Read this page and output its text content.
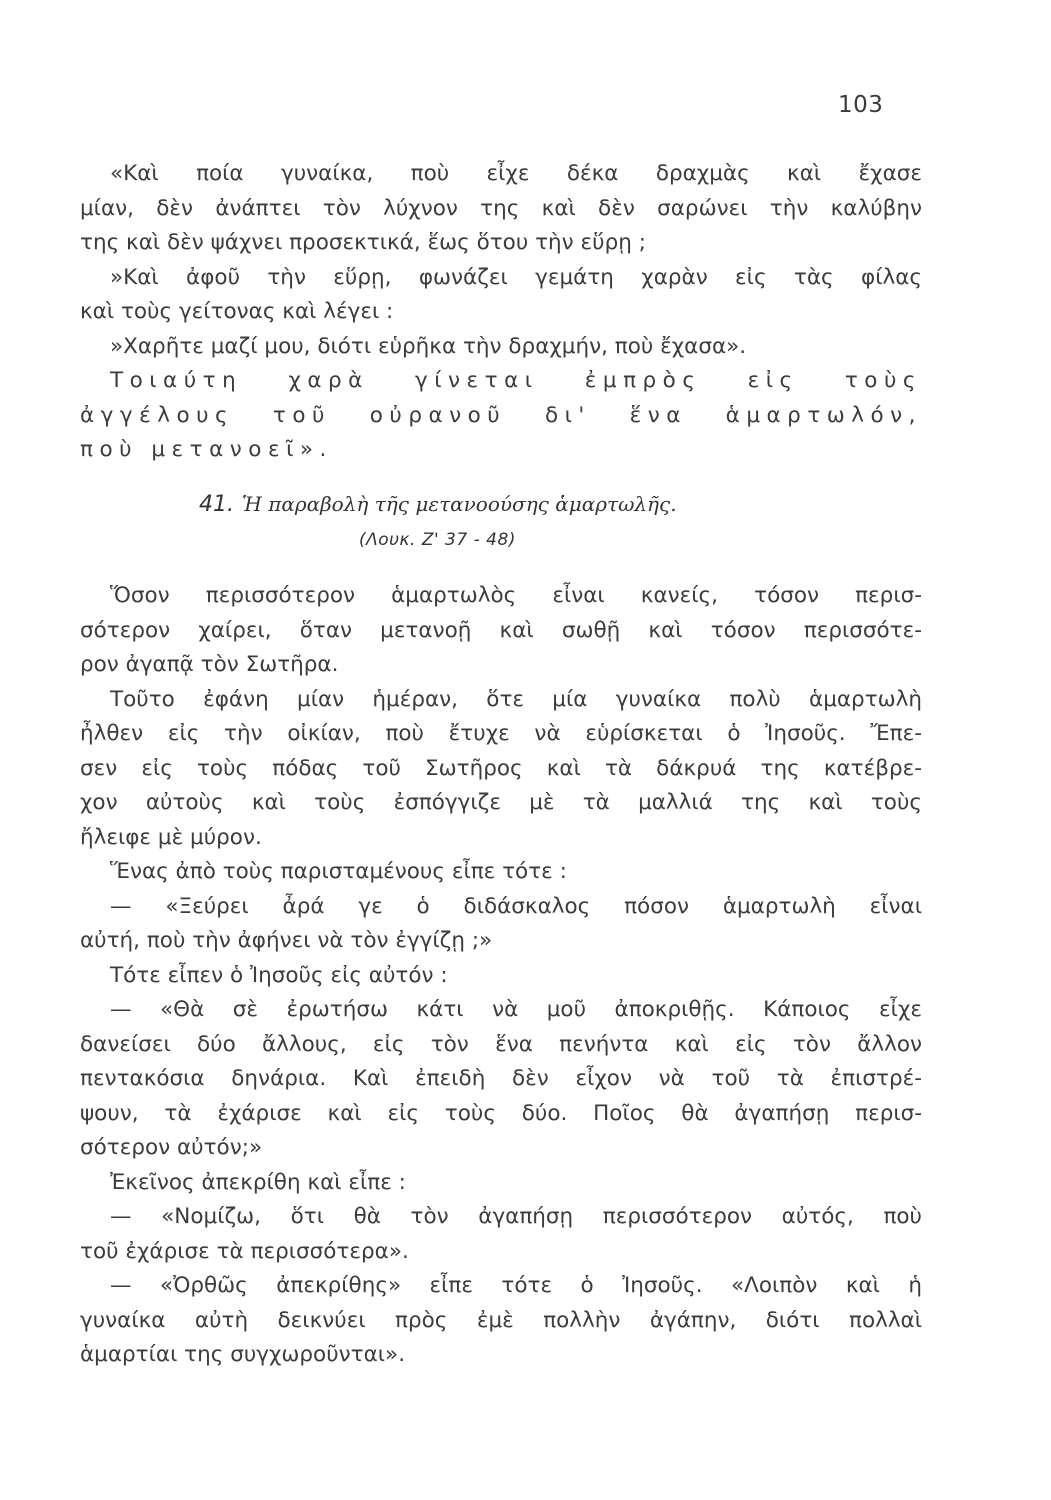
103
«Καὶ ποία γυναίκα, ποὺ εἶχε δέκα δραχμὰς καὶ ἔχασε
μίαν, δὲν ἀνάπτει τὸν λύχνον της καὶ δὲν σαρώνει τὴν καλύβην
της καὶ δὲν ψάχνει προσεκτικά, ἕως ὅτου τὴν εὕρῃ ;
»Καὶ ἀφοῦ τὴν εὕρῃ, φωνάζει γεμάτη χαρὰν εἰς τὰς φίλας
καὶ τοὺς γείτονας καὶ λέγει :
»Χαρῆτε μαζί μου, διότι εὑρῆκα τὴν δραχμήν, ποὺ ἔχασα».
Τοιαύτη χαρὰ γίνεται ἐμπρὸς εἰς τοὺς
ἀγγέλους τοῦ οὐρανοῦ δι' ἕνα ἁμαρτωλόν,
ποὺ μετανοεῖ».
41. Ἡ παραβολὴ τῆς μετανοούσης ἁμαρτωλῆς.
(Λουκ. Ζ' 37 - 48)
Ὅσον περισσότερον ἁμαρτωλὸς εἶναι κανείς, τόσον περισ-
σότερον χαίρει, ὅταν μετανοῇ καὶ σωθῇ καὶ τόσον περισσότε-
ρον ἀγαπᾷ τὸν Σωτῆρα.
Τοῦτο ἐφάνη μίαν ἡμέραν, ὅτε μία γυναίκα πολὺ ἁμαρτωλὴ
ἦλθεν εἰς τὴν οἰκίαν, ποὺ ἔτυχε νὰ εὑρίσκεται ὁ Ἰησοῦς. Ἔπε-
σεν εἰς τοὺς πόδας τοῦ Σωτῆρος καὶ τὰ δάκρυά της κατέβρε-
χον αὐτοὺς καὶ τοὺς ἐσπόγγιζε μὲ τὰ μαλλιά της καὶ τοὺς
ἤλειφε μὲ μύρον.
Ἕνας ἀπὸ τοὺς παρισταμένους εἶπε τότε :
— «Ξεύρει ἆρά γε ὁ διδάσκαλος πόσον ἁμαρτωλὴ εἶναι
αὐτή, ποὺ τὴν ἀφήνει νὰ τὸν ἐγγίζῃ ;»
Τότε εἶπεν ὁ Ἰησοῦς εἰς αὐτόν :
— «Θὰ σὲ ἐρωτήσω κάτι νὰ μοῦ ἀποκριθῇς. Κάποιος εἶχε
δανείσει δύο ἄλλους, εἰς τὸν ἕνα πενήντα καὶ εἰς τὸν ἄλλον
πεντακόσια δηνάρια. Καὶ ἐπειδὴ δὲν εἶχον νὰ τοῦ τὰ ἐπιστρέ-
ψουν, τὰ ἐχάρισε καὶ εἰς τοὺς δύο. Ποῖος θὰ ἀγαπήσῃ περισ-
σότερον αὐτόν;»
Ἐκεῖνος ἀπεκρίθη καὶ εἶπε :
— «Νομίζω, ὅτι θὰ τὸν ἀγαπήσῃ περισσότερον αὐτός, ποὺ
τοῦ ἐχάρισε τὰ περισσότερα».
— «Ὀρθῶς ἀπεκρίθης» εἶπε τότε ὁ Ἰησοῦς. «Λοιπὸν καὶ ἡ
γυναίκα αὐτὴ δεικνύει πρὸς ἐμὲ πολλὴν ἀγάπην, διότι πολλαὶ
ἁμαρτίαι της συγχωροῦνται».
